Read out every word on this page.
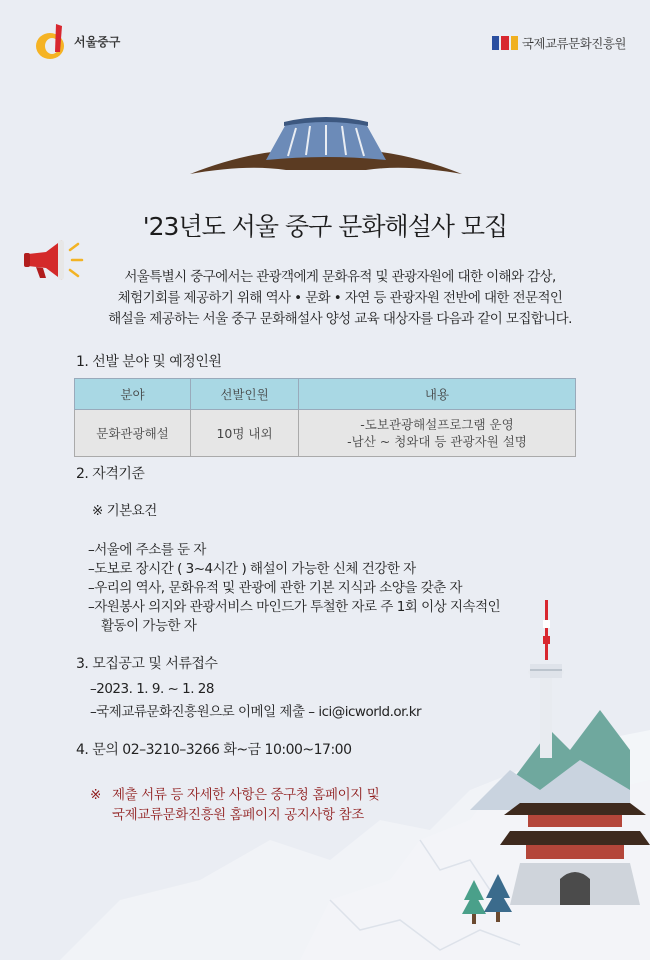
서울중구	국제교류문화진흥원
'23년도 서울 중구 문화해설사 모집
서울특별시 중구에서는 관광객에게 문화유적 및 관광자원에 대한 이해와 감상,
체험기회를 제공하기 위해 역사 • 문화 • 자연 등 관광자원 전반에 대한 전문적인
해설을 제공하는 서울 중구 문화해설사 양성 교육 대상자를 다음과 같이 모집합니다.
1. 선발 분야 및 예정인원
분야	선발인원	내용
문화관광해설	10명 내외	-도보관광해설프로그램 운영
-남산 ~ 청와대 등 관광자원 설명
2. 자격기준
※ 기본요건
–서울에 주소를 둔 자
–도보로 장시간 ( 3~4시간 ) 해설이 가능한 신체 건강한 자
–우리의 역사, 문화유적 및 관광에 관한 기본 지식과 소양을 갖춘 자
–자원봉사 의지와 관광서비스 마인드가 투철한 자로 주 1회 이상 지속적인
활동이 가능한 자
3. 모집공고 및 서류접수
–2023. 1. 9. ~ 1. 28
–국제교류문화진흥원으로 이메일 제출 – ici@icworld.or.kr
4. 문의 02–3210–3266 화~금 10:00~17:00
※ 제출 서류 등 자세한 사항은 중구청 홈페이지 및
국제교류문화진흥원 홈페이지 공지사항 참조
